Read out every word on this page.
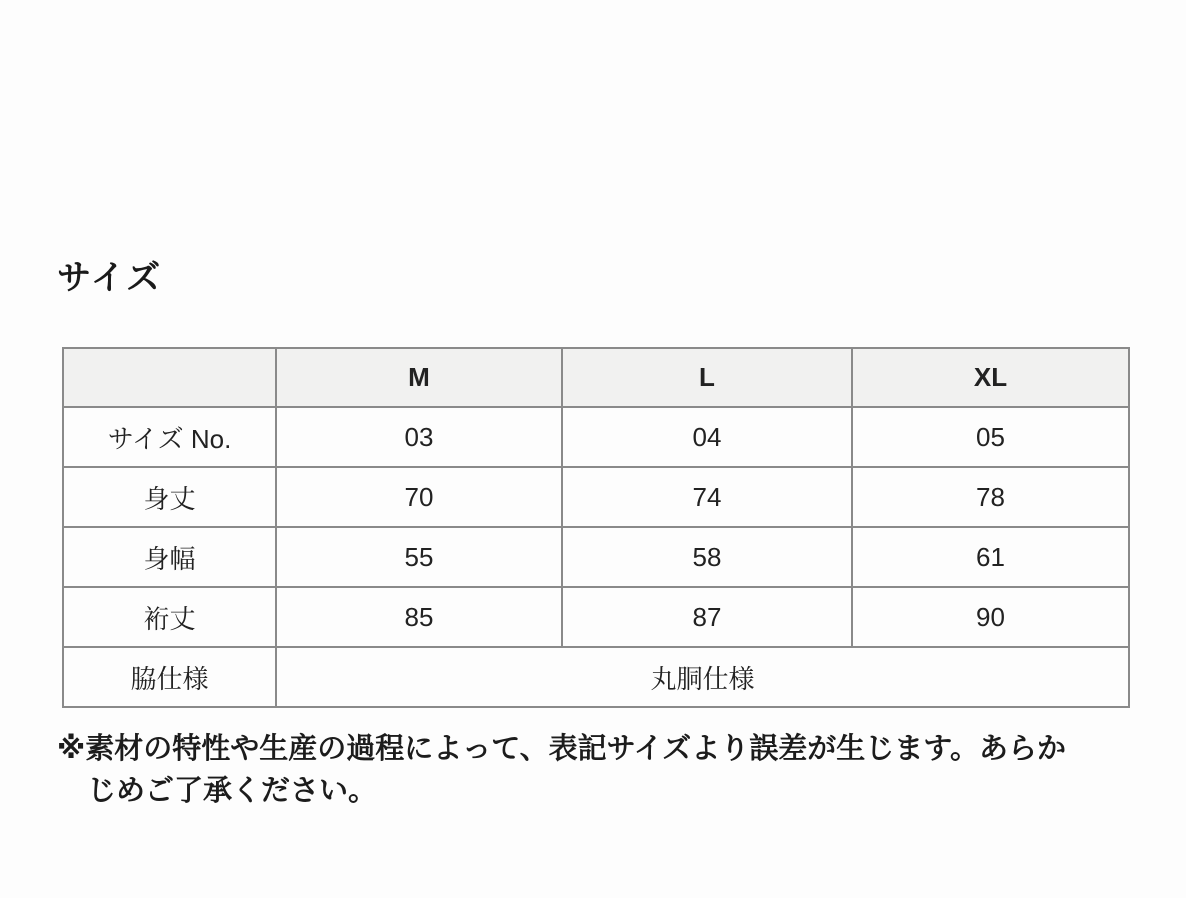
サイズ
	M	L	XL
サイズ No.	03	04	05
身丈	70	74	78
身幅	55	58	61
裄丈	85	87	90
脇仕様	丸胴仕様		

※素材の特性や生産の過程によって、表記サイズより誤差が生じます。あらか
じめご了承ください。
